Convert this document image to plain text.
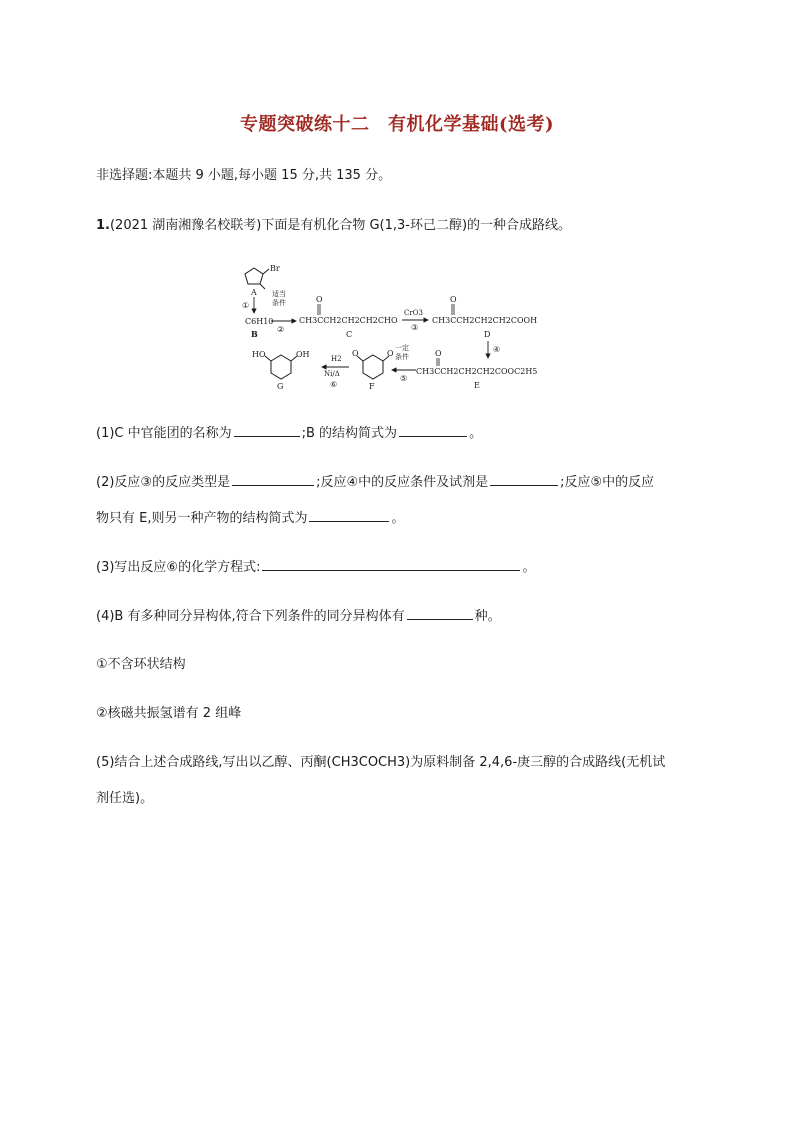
专题突破练十二　有机化学基础(选考)
非选择题:本题共 9 小题,每小题 15 分,共 135 分。
1.(2021 湖南湘豫名校联考)下面是有机化合物 G(1,3-环己二醇)的一种合成路线。
Br
A
①
C6H10
B
适当
条件
②
O
CH3CCH2CH2CH2CHO
C
CrO3
③
O
CH3CCH2CH2CH2COOH
D
④
O
CH3CCH2CH2CH2COOC2H5
E
一定
条件
⑤
O	O
F
H2
Ni/Δ
⑥
HO	OH
G
(1)C 中官能团的名称为	;B 的结构简式为	。
(2)反应③的反应类型是	;反应④中的反应条件及试剂是	;反应⑤中的反应
物只有 E,则另一种产物的结构简式为	。
(3)写出反应⑥的化学方程式:	。
(4)B 有多种同分异构体,符合下列条件的同分异构体有	种。
①不含环状结构
②核磁共振氢谱有 2 组峰
(5)结合上述合成路线,写出以乙醇、丙酮(CH3COCH3)为原料制备 2,4,6-庚三醇的合成路线(无机试
剂任选)。
